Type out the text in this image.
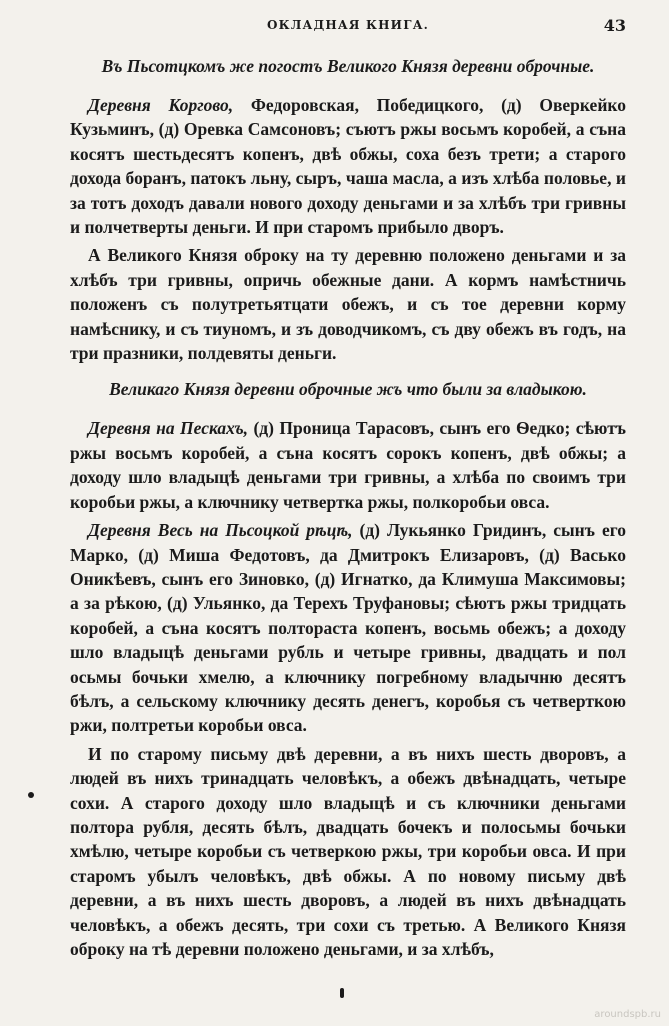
ОКЛАДНАЯ КНИГА.	43
Въ Пьсотцкомъ же погостъ Великого Князя деревни оброчные.

Деревня Коргово, Федоровская, Победицкого, (д) Оверкейко Кузьминъ, (д) Оревка Самсоновъ; съютъ ржы восьмъ коробей, а съна косятъ шестьдесятъ копенъ, двѣ обжы, соха безъ трети; а старого дохода боранъ, патокъ льну, сыръ, чаша масла, а изъ хлѣба половье, и за тотъ доходъ давали нового доходу деньгами и за хлѣбъ три гривны и полчетверты деньги. И при старомъ прибыло дворъ.

А Великого Князя оброку на ту деревню положено деньгами и за хлѣбъ три гривны, опричь обежные дани. А кормъ намѣстничь положенъ съ полутретьятцати обежъ, и съ тое деревни корму намѣснику, и съ тиуномъ, и зъ доводчикомъ, съ дву обежъ въ годъ, на три празники, полдевяты деньги.

Великаго Князя деревни оброчные жъ что были за владыкою.

Деревня на Пескахъ, (д) Проница Тарасовъ, сынъ его Ѳедко; сѣютъ ржы восьмъ коробей, а съна косятъ сорокъ копенъ, двѣ обжы; а доходу шло владыцѣ деньгами три гривны, а хлѣба по своимъ три коробьи ржы, а ключнику четвертка ржы, полкоробьи овса.

Деревня Весь на Пьсоцкой рѣцѣ, (д) Лукьянко Гридинъ, сынъ его Марко, (д) Миша Федотовъ, да Дмитрокъ Елизаровъ, (д) Васько Оникѣевъ, сынъ его Зиновко, (д) Игнатко, да Климуша Максимовы; а за рѣкою, (д) Ульянко, да Терехъ Труфановы; сѣютъ ржы тридцать коробей, а съна косятъ полтораста копенъ, восьмь обежъ; а доходу шло владыцѣ деньгами рубль и четыре гривны, двадцать и пол осьмы бочьки хмелю, а ключнику погребному владычню десятъ бѣлъ, а сельскому ключнику десять денегъ, коробья съ четверткою ржи, полтретьи коробьи овса.

И по старому письму двѣ деревни, а въ нихъ шесть дворовъ, а людей въ нихъ тринадцать человѣкъ, а обежъ двѣнадцать, четыре сохи. А старого доходу шло владыцѣ и съ ключники деньгами полтора рубля, десять бѣлъ, двадцать бочекъ и полосьмы бочьки хмѣлю, четыре коробьи съ четверкою ржы, три коробьи овса. И при старомъ убылъ человѣкъ, двѣ обжы. А по новому письму двѣ деревни, а въ нихъ шесть дворовъ, а людей въ нихъ двѣнадцать человѣкъ, а обежъ десять, три сохи съ третью. А Великого Князя оброку на тѣ деревни положено деньгами, и за хлѣбъ,

aroundspb.ru
